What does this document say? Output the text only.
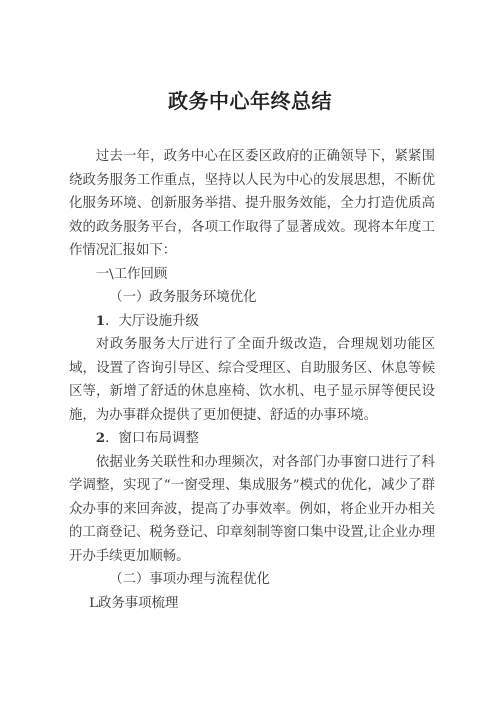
政务中心年终总结

过去一年，政务中心在区委区政府的正确领导下，紧紧围绕政务服务工作重点，坚持以人民为中心的发展思想，不断优化服务环境、创新服务举措、提升服务效能，全力打造优质高效的政务服务平台，各项工作取得了显著成效。现将本年度工作情况汇报如下：

一\工作回顾

（一）政务服务环境优化

1．大厅设施升级

对政务服务大厅进行了全面升级改造，合理规划功能区域，设置了咨询引导区、综合受理区、自助服务区、休息等候区等，新增了舒适的休息座椅、饮水机、电子显示屏等便民设施，为办事群众提供了更加便捷、舒适的办事环境。

2．窗口布局调整

依据业务关联性和办理频次，对各部门办事窗口进行了科学调整，实现了“一窗受理、集成服务”模式的优化，减少了群众办事的来回奔波，提高了办事效率。例如，将企业开办相关的工商登记、税务登记、印章刻制等窗口集中设置,让企业办理开办手续更加顺畅。

（二）事项办理与流程优化

L政务事项梳理
